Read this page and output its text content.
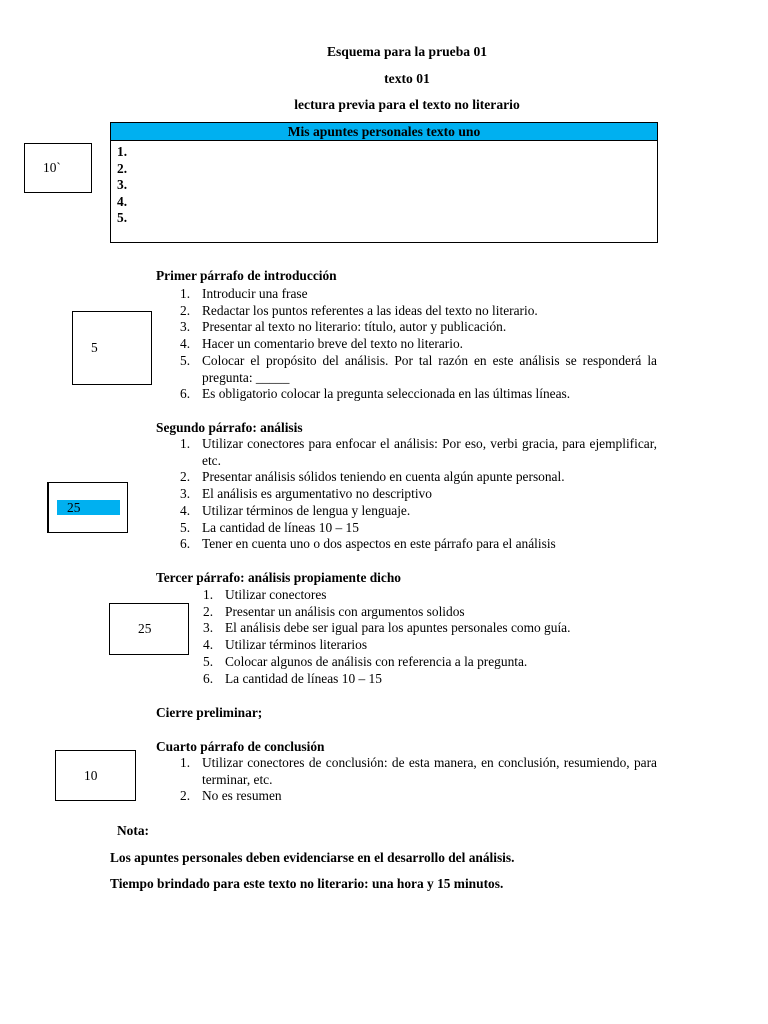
Esquema para la prueba 01
texto 01
lectura previa para el texto no literario
10`
Mis apuntes personales texto uno
1.
2.
3.
4.
5.
Primer párrafo de introducción
5
1. Introducir una frase
2. Redactar los puntos referentes a las ideas del texto no literario.
3. Presentar al texto no literario: título, autor y publicación.
4. Hacer un comentario breve del texto no literario.
5. Colocar el propósito del análisis. Por tal razón en este análisis se responderá la pregunta: _____
6. Es obligatorio colocar la pregunta seleccionada en las últimas líneas.
Segundo párrafo: análisis
25
1. Utilizar conectores para enfocar el análisis: Por eso, verbi gracia, para ejemplificar, etc.
2. Presentar análisis sólidos teniendo en cuenta algún apunte personal.
3. El análisis es argumentativo no descriptivo
4. Utilizar términos de lengua y lenguaje.
5. La cantidad de líneas 10 – 15
6. Tener en cuenta uno o dos aspectos en este párrafo para el análisis
Tercer párrafo: análisis propiamente dicho
25
1. Utilizar conectores
2. Presentar un análisis con argumentos solidos
3. El análisis debe ser igual para los apuntes personales como guía.
4. Utilizar términos literarios
5. Colocar algunos de análisis con referencia a la pregunta.
6. La cantidad de líneas 10 – 15
Cierre preliminar;
Cuarto párrafo de conclusión
10
1. Utilizar conectores de conclusión: de esta manera, en conclusión, resumiendo, para terminar, etc.
2. No es resumen
Nota:
Los apuntes personales deben evidenciarse en el desarrollo del análisis.
Tiempo brindado para este texto no literario: una hora y 15 minutos.
